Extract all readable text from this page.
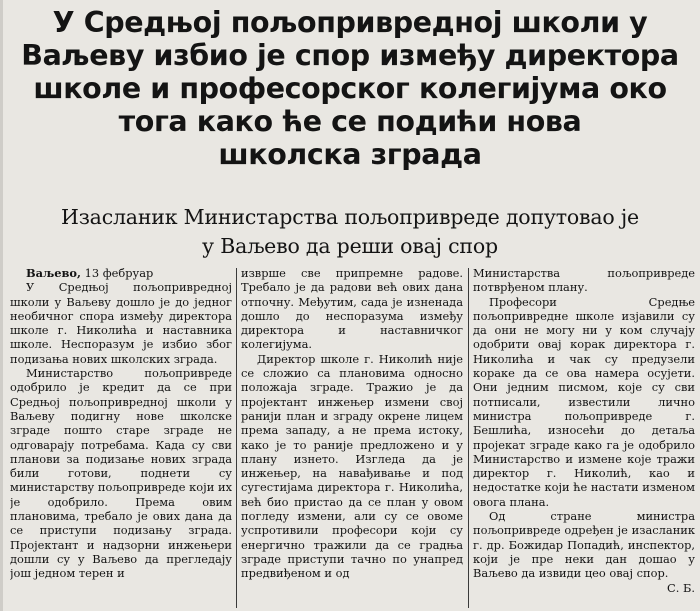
У Средњој пољопривредној школи у
Ваљеву избио је спор између директора
школе и професорског колегијума око
тога како ће се подићи нова
школска зграда
Изасланик Министарства пољопривреде допутовао је
у Ваљево да реши овај спор

Ваљево, 13 фебруар

У Средњој пољопривредној школи у Ваљеву дошло је до једног необичног спора између директора школе г. Николића и наставника школе. Неспоразум је избио због подизања нових школских зграда.

Министарство пољопривреде одобрило је кредит да се при Средњој пољопривредној школи у Ваљеву подигну нове школске зграде пошто старе зграде не одговарају потребама. Када су сви планови за подизање нових зграда били готови, поднети су министарству пољопривреде који их је одобрило. Према овим плановима, требало је ових дана да се приступи подизању зграда. Пројектант и надзорни инжењери дошли су у Ваљево да прегледају још једном терен и

изврше све припремне радове. Требало је да радови већ ових дана отпочну. Међутим, сада је изненада дошло до неспоразума између директора и наставничког колегијума.

Директор школе г. Николић није се сложио са плановима односно положаја зграде. Тражио је да пројектант инжењер измени свој ранији план и зграду окрене лицем према западу, а не према истоку, како је то раније предложено и у плану изнето. Изгледа да је инжењер, на навађивање и под сугестијама директора г. Николића, већ био пристао да се план у овом погледу измени, али су се овоме успротивили професори који су енергично тражили да се градња зграде приступи тачно по унапред предвиђеном и од

Министарства пољопривреде потврђеном плану.

Професори Средње пољопривредне школе изјавили су да они не могу ни у ком случају одобрити овај корак директора г. Николића и чак су предузели кораке да се ова намера осујети. Они једним писмом, које су сви потписали, известили лично министра пољопривреде г. Бешлића, износећи до детаља пројекат зграде како га је одобрило Министарство и измене које тражи директор г. Николић, као и недостатке који ће настати изменом овога плана.

Од стране министра пољопривреде одређен је изасланик г. др. Божидар Попадић, инспектор, који је пре неки дан дошао у Ваљево да извиди цео овај спор.

С. Б.
